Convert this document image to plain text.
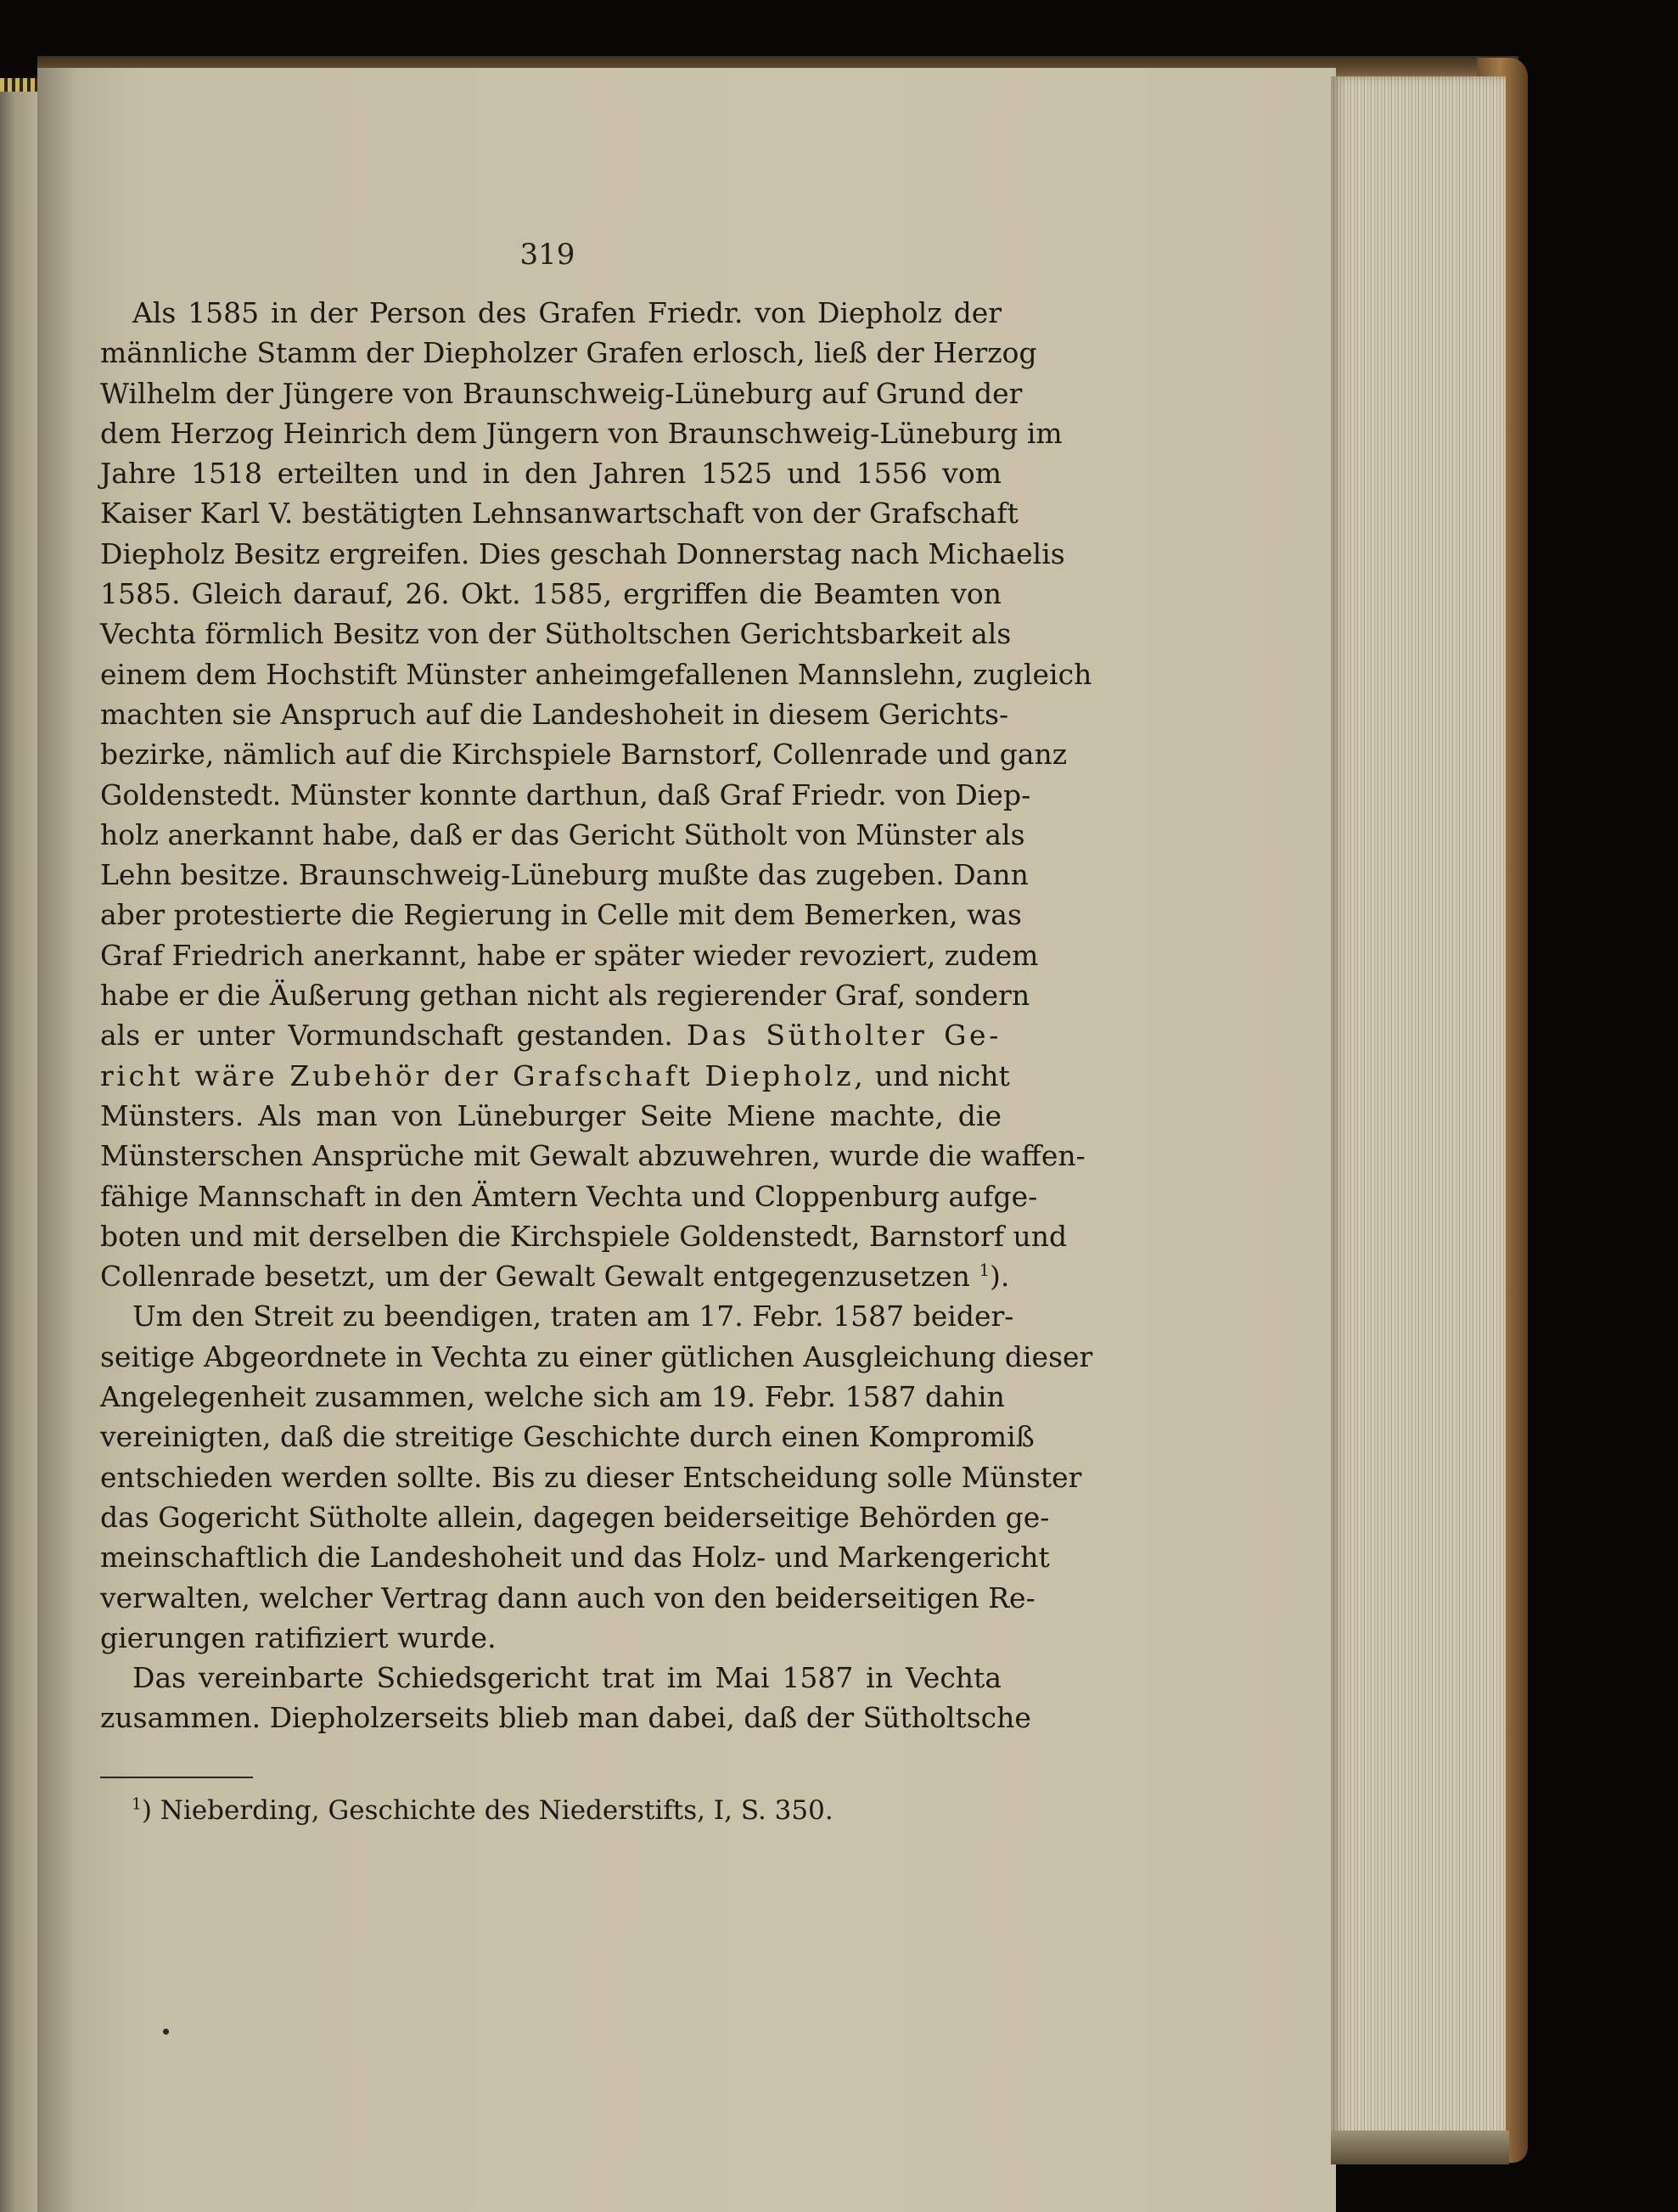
319
Als 1585 in der Person des Grafen Friedr. von Diepholz der
männliche Stamm der Diepholzer Grafen erlosch, ließ der Herzog
Wilhelm der Jüngere von Braunschweig-Lüneburg auf Grund der
dem Herzog Heinrich dem Jüngern von Braunschweig-Lüneburg im
Jahre 1518 erteilten und in den Jahren 1525 und 1556 vom
Kaiser Karl V. bestätigten Lehnsanwartschaft von der Grafschaft
Diepholz Besitz ergreifen. Dies geschah Donnerstag nach Michaelis
1585. Gleich darauf, 26. Okt. 1585, ergriffen die Beamten von
Vechta förmlich Besitz von der Sütholtschen Gerichtsbarkeit als
einem dem Hochstift Münster anheimgefallenen Mannslehn, zugleich
machten sie Anspruch auf die Landeshoheit in diesem Gerichts-
bezirke, nämlich auf die Kirchspiele Barnstorf, Collenrade und ganz
Goldenstedt. Münster konnte darthun, daß Graf Friedr. von Diep-
holz anerkannt habe, daß er das Gericht Sütholt von Münster als
Lehn besitze. Braunschweig-Lüneburg mußte das zugeben. Dann
aber protestierte die Regierung in Celle mit dem Bemerken, was
Graf Friedrich anerkannt, habe er später wieder revoziert, zudem
habe er die Äußerung gethan nicht als regierender Graf, sondern
als er unter Vormundschaft gestanden. Das Sütholter Ge-
richt wäre Zubehör der Grafschaft Diepholz, und nicht
Münsters. Als man von Lüneburger Seite Miene machte, die
Münsterschen Ansprüche mit Gewalt abzuwehren, wurde die waffen-
fähige Mannschaft in den Ämtern Vechta und Cloppenburg aufge-
boten und mit derselben die Kirchspiele Goldenstedt, Barnstorf und
Collenrade besetzt, um der Gewalt Gewalt entgegenzusetzen $^1$).
Um den Streit zu beendigen, traten am 17. Febr. 1587 beider-
seitige Abgeordnete in Vechta zu einer gütlichen Ausgleichung dieser
Angelegenheit zusammen, welche sich am 19. Febr. 1587 dahin
vereinigten, daß die streitige Geschichte durch einen Kompromiß
entschieden werden sollte. Bis zu dieser Entscheidung solle Münster
das Gogericht Sütholte allein, dagegen beiderseitige Behörden ge-
meinschaftlich die Landeshoheit und das Holz- und Markengericht
verwalten, welcher Vertrag dann auch von den beiderseitigen Re-
gierungen ratifiziert wurde.
Das vereinbarte Schiedsgericht trat im Mai 1587 in Vechta
zusammen. Diepholzerseits blieb man dabei, daß der Sütholtsche
$^1$) Nieberding, Geschichte des Niederstifts, I, S. 350.
